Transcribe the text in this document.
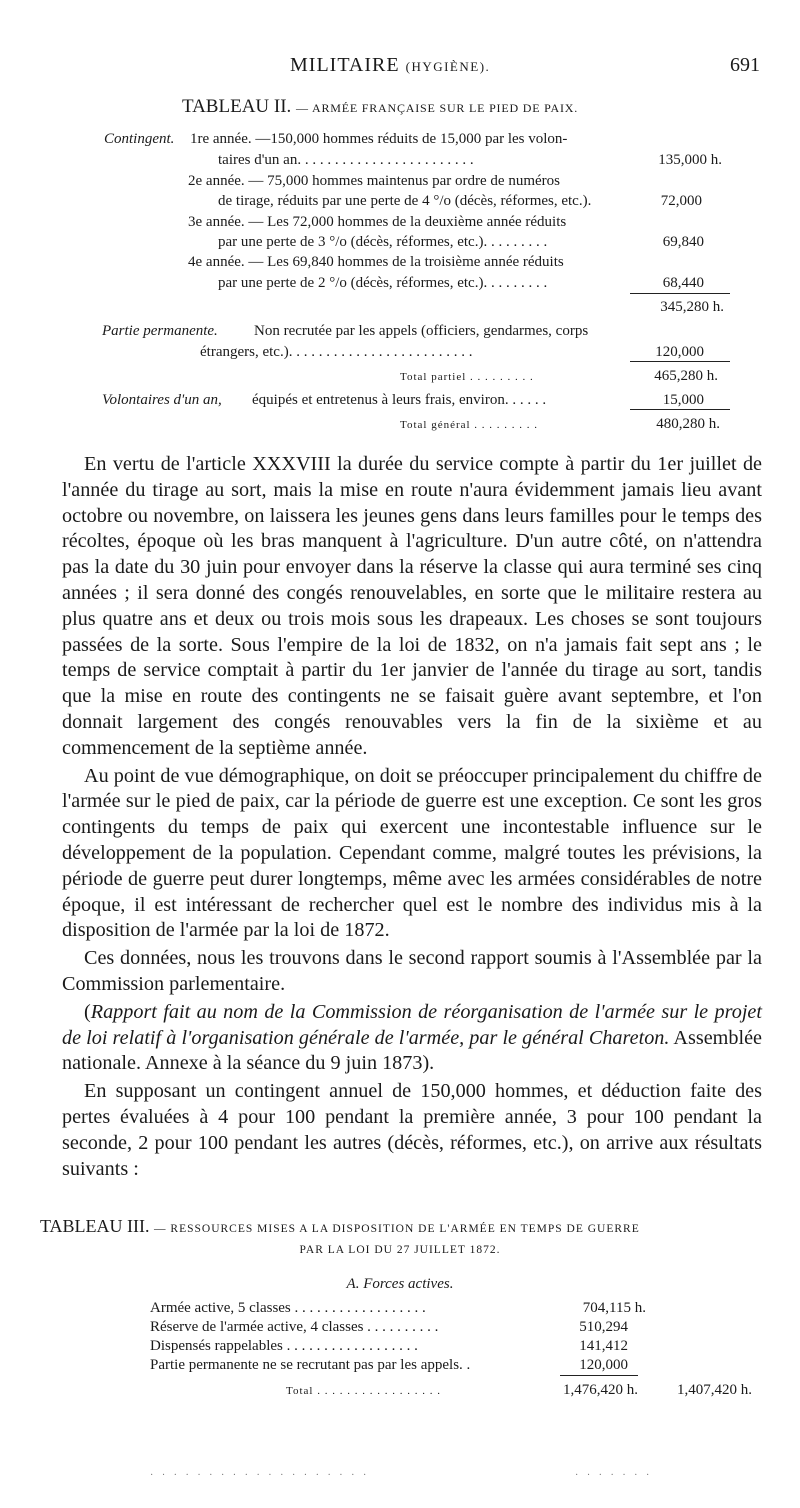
MILITAIRE (HYGIÈNE).	691
TABLEAU II. — ARMÉE FRANÇAISE SUR LE PIED DE PAIX.
Contingent. 1re année. —150,000 hommes réduits de 15,000 par les volon-
taires d'un an. . . . . . . . . . . . . . . . . . . . . . . .	135,000 h.
2e année. — 75,000 hommes maintenus par ordre de numéros
de tirage, réduits par une perte de 4 °/o (décès, réformes, etc.).	72,000
3e année. — Les 72,000 hommes de la deuxième année réduits
par une perte de 3 °/o (décès, réformes, etc.). . . . . . . . .	69,840
4e année. — Les 69,840 hommes de la troisième année réduits
par une perte de 2 °/o (décès, réformes, etc.). . . . . . . . .	68,440
345,280 h.
Partie permanente. Non recrutée par les appels (officiers, gendarmes, corps
étrangers, etc.). . . . . . . . . . . . . . . . . . . . . . . . .	120,000
Total partiel . . . . . . . . .	465,280 h.
Volontaires d'un an, équipés et entretenus à leurs frais, environ. . . . . .	15,000
Total général . . . . . . . . .	480,280 h.

En vertu de l'article XXXVIII la durée du service compte à partir du 1er juillet de l'année du tirage au sort, mais la mise en route n'aura évidemment jamais lieu avant octobre ou novembre, on laissera les jeunes gens dans leurs familles pour le temps des récoltes, époque où les bras manquent à l'agriculture. D'un autre côté, on n'attendra pas la date du 30 juin pour envoyer dans la réserve la classe qui aura terminé ses cinq années ; il sera donné des congés renouvelables, en sorte que le militaire restera au plus quatre ans et deux ou trois mois sous les drapeaux. Les choses se sont toujours passées de la sorte. Sous l'empire de la loi de 1832, on n'a jamais fait sept ans ; le temps de service comptait à partir du 1er janvier de l'année du tirage au sort, tandis que la mise en route des contingents ne se faisait guère avant septembre, et l'on donnait largement des congés renouvables vers la fin de la sixième et au commencement de la septième année.

Au point de vue démographique, on doit se préoccuper principalement du chiffre de l'armée sur le pied de paix, car la période de guerre est une exception. Ce sont les gros contingents du temps de paix qui exercent une incontestable influence sur le développement de la population. Cependant comme, malgré toutes les prévisions, la période de guerre peut durer longtemps, même avec les armées considérables de notre époque, il est intéressant de rechercher quel est le nombre des individus mis à la disposition de l'armée par la loi de 1872.

Ces données, nous les trouvons dans le second rapport soumis à l'Assemblée par la Commission parlementaire.

(Rapport fait au nom de la Commission de réorganisation de l'armée sur le projet de loi relatif à l'organisation générale de l'armée, par le général Chareton. Assemblée nationale. Annexe à la séance du 9 juin 1873).

En supposant un contingent annuel de 150,000 hommes, et déduction faite des pertes évaluées à 4 pour 100 pendant la première année, 3 pour 100 pendant la seconde, 2 pour 100 pendant les autres (décès, réformes, etc.), on arrive aux résultats suivants :

TABLEAU III. — RESSOURCES MISES A LA DISPOSITION DE L'ARMÉE EN TEMPS DE GUERRE
PAR LA LOI DU 27 JUILLET 1872.
A. Forces actives.
Armée active, 5 classes . . . . . . . . . . . . . . . . . .	704,115 h.
Réserve de l'armée active, 4 classes . . . . . . . . . .	510,294
Dispensés rappelables . . . . . . . . . . . . . . . . . .	141,412
Partie permanente ne se recrutant pas par les appels. .	120,000
Total . . . . . . . . . . . . . . . . .	1,476,420 h.	1,407,420 h.
· · · · · · · · · · · · · · · · · · ·	· · · · · · ·
